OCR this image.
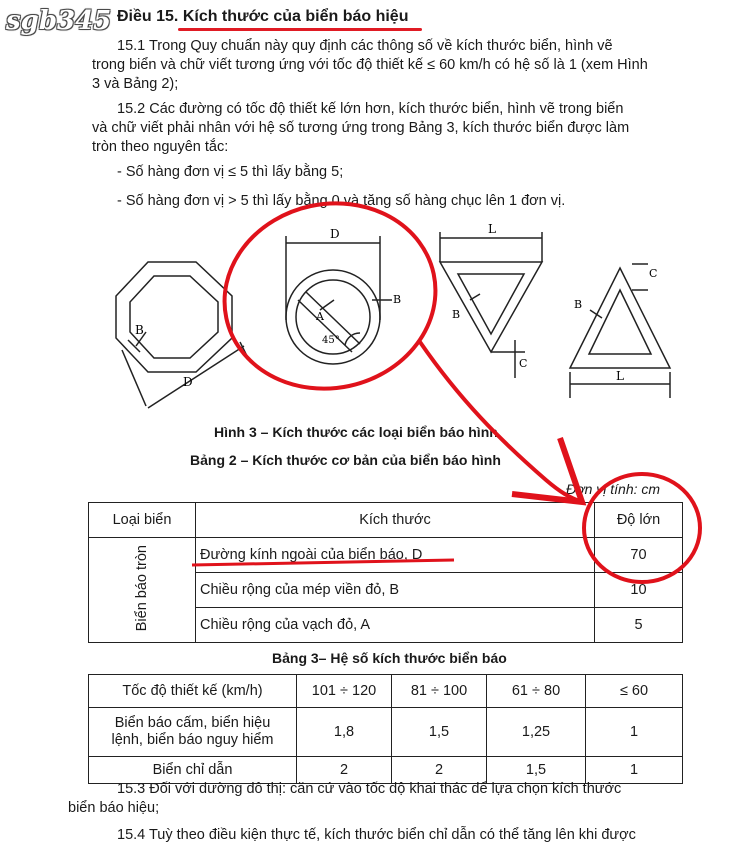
sgb345 Điều 15. Kích thước của biển báo hiệu
15.1 Trong Quy chuẩn này quy định các thông số về kích thước biển, hình vẽ
trong biển và chữ viết tương ứng với tốc độ thiết kế ≤ 60 km/h có hệ số là 1 (xem Hình
3 và Bảng 2);
15.2 Các đường có tốc độ thiết kế lớn hơn, kích thước biển, hình vẽ trong biển
và chữ viết phải nhân với hệ số tương ứng trong Bảng 3, kích thước biển được làm
tròn theo nguyên tắc:
- Số hàng đơn vị ≤ 5 thì lấy bằng 5;
- Số hàng đơn vị > 5 thì lấy bằng 0 và tăng số hàng chục lên 1 đơn vị.
B
D
D
B
A
45°
L
C
B
L
C
B
Hình 3 – Kích thước các loại biển báo hình
Bảng 2 – Kích thước cơ bản của biển báo hình
Đơn vị tính: cm
Loại biển	Kích thước	Độ lớn
Biển báo tròn	Đường kính ngoài của biển báo, D	70
	Chiều rộng của mép viền đỏ, B	10
	Chiều rộng của vạch đỏ, A	5
Bảng 3– Hệ số kích thước biển báo
Tốc độ thiết kế (km/h)	101 ÷ 120	81 ÷ 100	61 ÷ 80	≤ 60
Biển báo cấm, biển hiệu lệnh, biển báo nguy hiểm	1,8	1,5	1,25	1
Biển chỉ dẫn	2	2	1,5	1
15.3 Đối với đường đô thị: căn cứ vào tốc độ khai thác để lựa chọn kích thước
biển báo hiệu;
15.4 Tuỳ theo điều kiện thực tế, kích thước biển chỉ dẫn có thể tăng lên khi được
